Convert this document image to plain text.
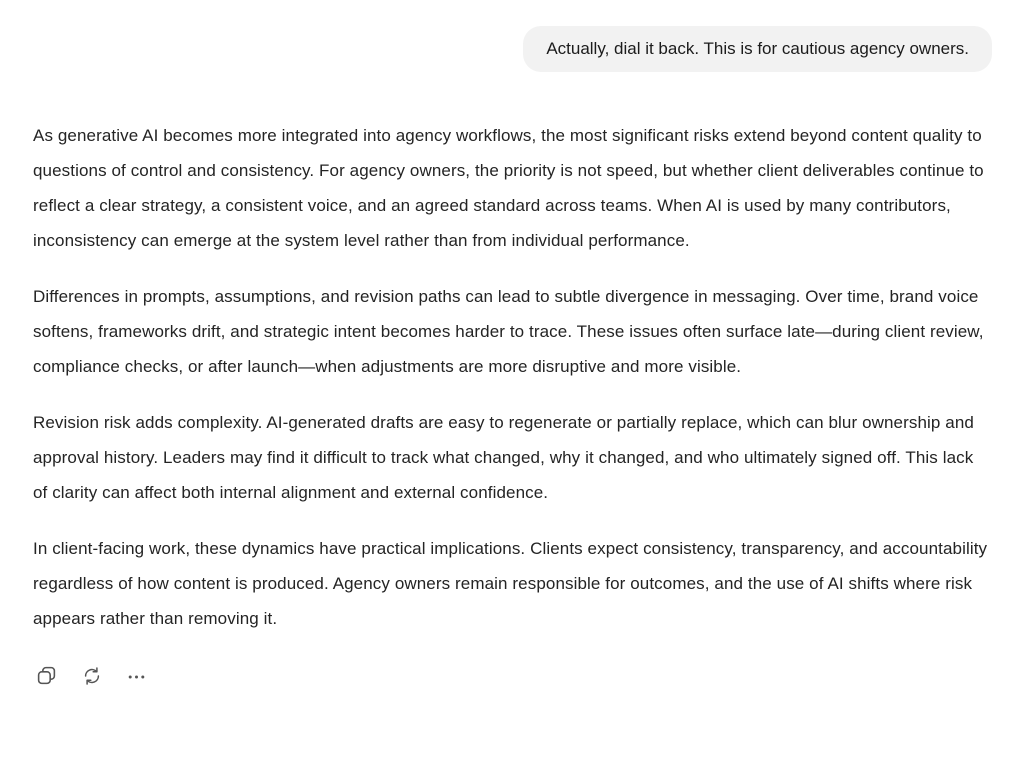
Actually, dial it back. This is for cautious agency owners.

As generative AI becomes more integrated into agency workflows, the most significant risks extend beyond content quality to questions of control and consistency. For agency owners, the priority is not speed, but whether client deliverables continue to reflect a clear strategy, a consistent voice, and an agreed standard across teams. When AI is used by many contributors, inconsistency can emerge at the system level rather than from individual performance.

Differences in prompts, assumptions, and revision paths can lead to subtle divergence in messaging. Over time, brand voice softens, frameworks drift, and strategic intent becomes harder to trace. These issues often surface late—during client review, compliance checks, or after launch—when adjustments are more disruptive and more visible.

Revision risk adds complexity. AI-generated drafts are easy to regenerate or partially replace, which can blur ownership and approval history. Leaders may find it difficult to track what changed, why it changed, and who ultimately signed off. This lack of clarity can affect both internal alignment and external confidence.

In client-facing work, these dynamics have practical implications. Clients expect consistency, transparency, and accountability regardless of how content is produced. Agency owners remain responsible for outcomes, and the use of AI shifts where risk appears rather than removing it.
